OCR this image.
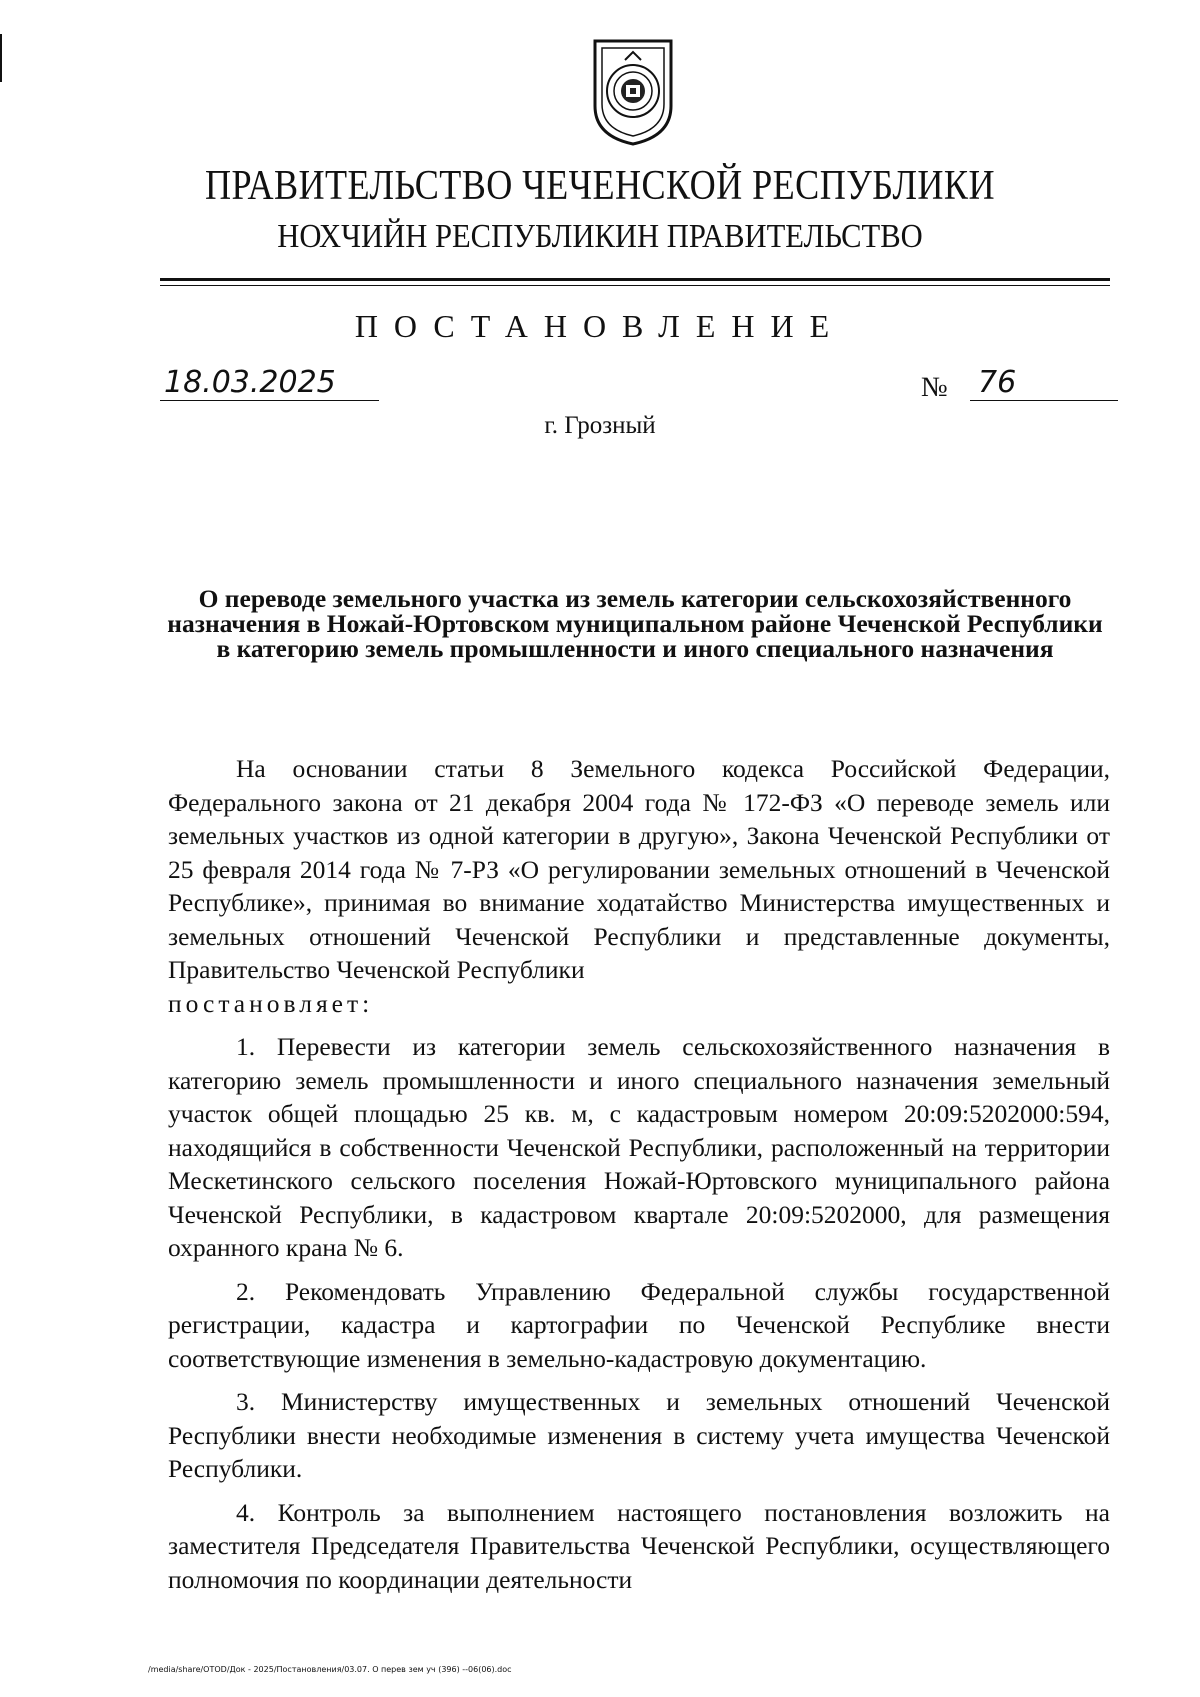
ПРАВИТЕЛЬСТВО ЧЕЧЕНСКОЙ РЕСПУБЛИКИ
НОХЧИЙН РЕСПУБЛИКИН ПРАВИТЕЛЬСТВО
ПОСТАНОВЛЕНИЕ
18.03.2025	№ 76
г. Грозный
О переводе земельного участка из земель категории сельскохозяйственного назначения в Ножай-Юртовском муниципальном районе Чеченской Республики в категорию земель промышленности и иного специального назначения

На основании статьи 8 Земельного кодекса Российской Федерации, Федерального закона от 21 декабря 2004 года № 172-ФЗ «О переводе земель или земельных участков из одной категории в другую», Закона Чеченской Республики от 25 февраля 2014 года № 7-РЗ «О регулировании земельных отношений в Чеченской Республике», принимая во внимание ходатайство Министерства имущественных и земельных отношений Чеченской Республики и представленные документы, Правительство Чеченской Республики

постановляет:

1. Перевести из категории земель сельскохозяйственного назначения в категорию земель промышленности и иного специального назначения земельный участок общей площадью 25 кв. м, с кадастровым номером 20:09:5202000:594, находящийся в собственности Чеченской Республики, расположенный на территории Мескетинского сельского поселения Ножай-Юртовского муниципального района Чеченской Республики, в кадастровом квартале 20:09:5202000, для размещения охранного крана № 6.

2. Рекомендовать Управлению Федеральной службы государственной регистрации, кадастра и картографии по Чеченской Республике внести соответствующие изменения в земельно-кадастровую документацию.

3. Министерству имущественных и земельных отношений Чеченской Республики внести необходимые изменения в систему учета имущества Чеченской Республики.

4. Контроль за выполнением настоящего постановления возложить на заместителя Председателя Правительства Чеченской Республики, осуществляющего полномочия по координации деятельности

/media/share/OTOD/Док - 2025/Постановления/03.07. О перев зем уч (396) --06(06).doc
